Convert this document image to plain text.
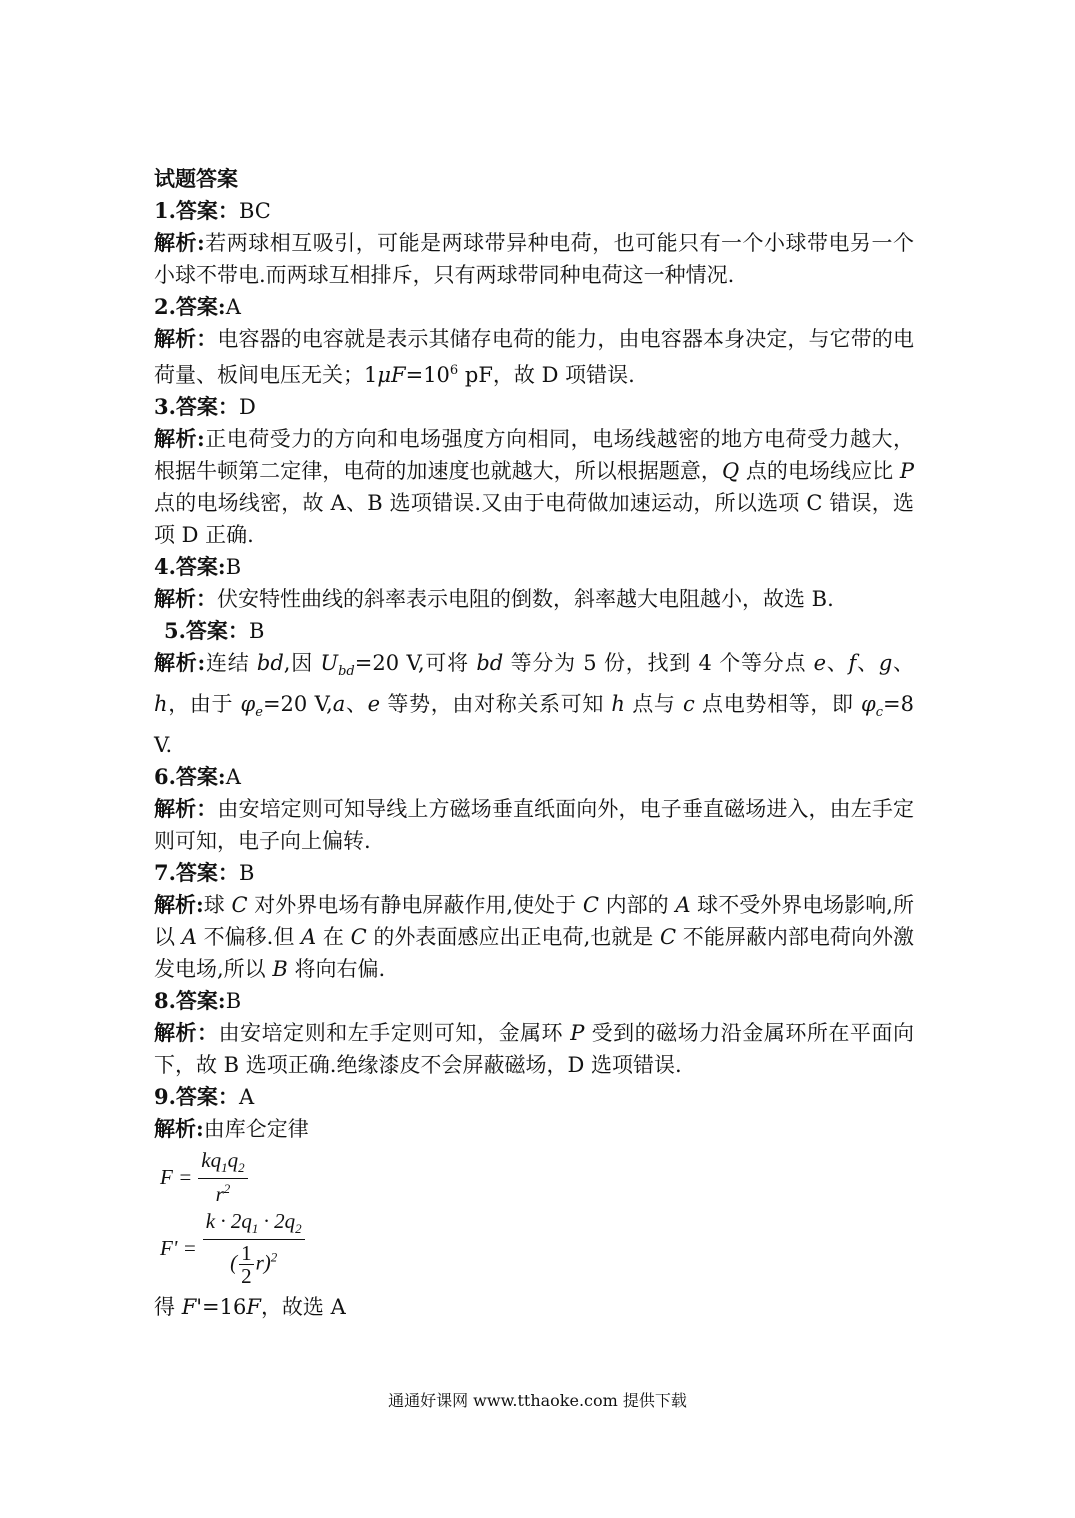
试题答案

1.答案：BC

解析:若两球相互吸引，可能是两球带异种电荷，也可能只有一个小球带电另一个小球不带电.而两球互相排斥，只有两球带同种电荷这一种情况.

2.答案:A

解析：电容器的电容就是表示其储存电荷的能力，由电容器本身决定，与它带的电荷量、板间电压无关；$1\mu F=10^6$ pF，故 D 项错误.

3.答案：D

解析:正电荷受力的方向和电场强度方向相同，电场线越密的地方电荷受力越大，根据牛顿第二定律，电荷的加速度也就越大，所以根据题意，Q 点的电场线应比 P 点的电场线密，故 A、B 选项错误.又由于电荷做加速运动，所以选项 C 错误，选项 D 正确.

4.答案:B

解析：伏安特性曲线的斜率表示电阻的倒数，斜率越大电阻越小，故选 B.

5.答案：B

解析:连结 bd,因 $U_{bd}=20$ V,可将 bd 等分为 5 份，找到 4 个等分点 e、f、g、h，由于 $\varphi_e=20$ V,a、e 等势，由对称关系可知 h 点与 c 点电势相等，即 $\varphi_c=8$ V.

6.答案:A

解析：由安培定则可知导线上方磁场垂直纸面向外，电子垂直磁场进入，由左手定则可知，电子向上偏转.

7.答案：B

解析:球 C 对外界电场有静电屏蔽作用,使处于 C 内部的 A 球不受外界电场影响,所以 A 不偏移.但 A 在 C 的外表面感应出正电荷,也就是 C 不能屏蔽内部电荷向外激发电场,所以 B 将向右偏.

8.答案:B

解析：由安培定则和左手定则可知，金属环 P 受到的磁场力沿金属环所在平面向下，故 B 选项正确.绝缘漆皮不会屏蔽磁场，D 选项错误.

9.答案：A

解析:由库仑定律

$F = \frac{kq_1q_2}{r^2}$
$F' = \frac{k \cdot 2q_1 \cdot 2q_2}{( \frac{1}{2} r)^2}$

得 F'=16F，故选 A

通通好课网 www.tthaoke.com 提供下载
